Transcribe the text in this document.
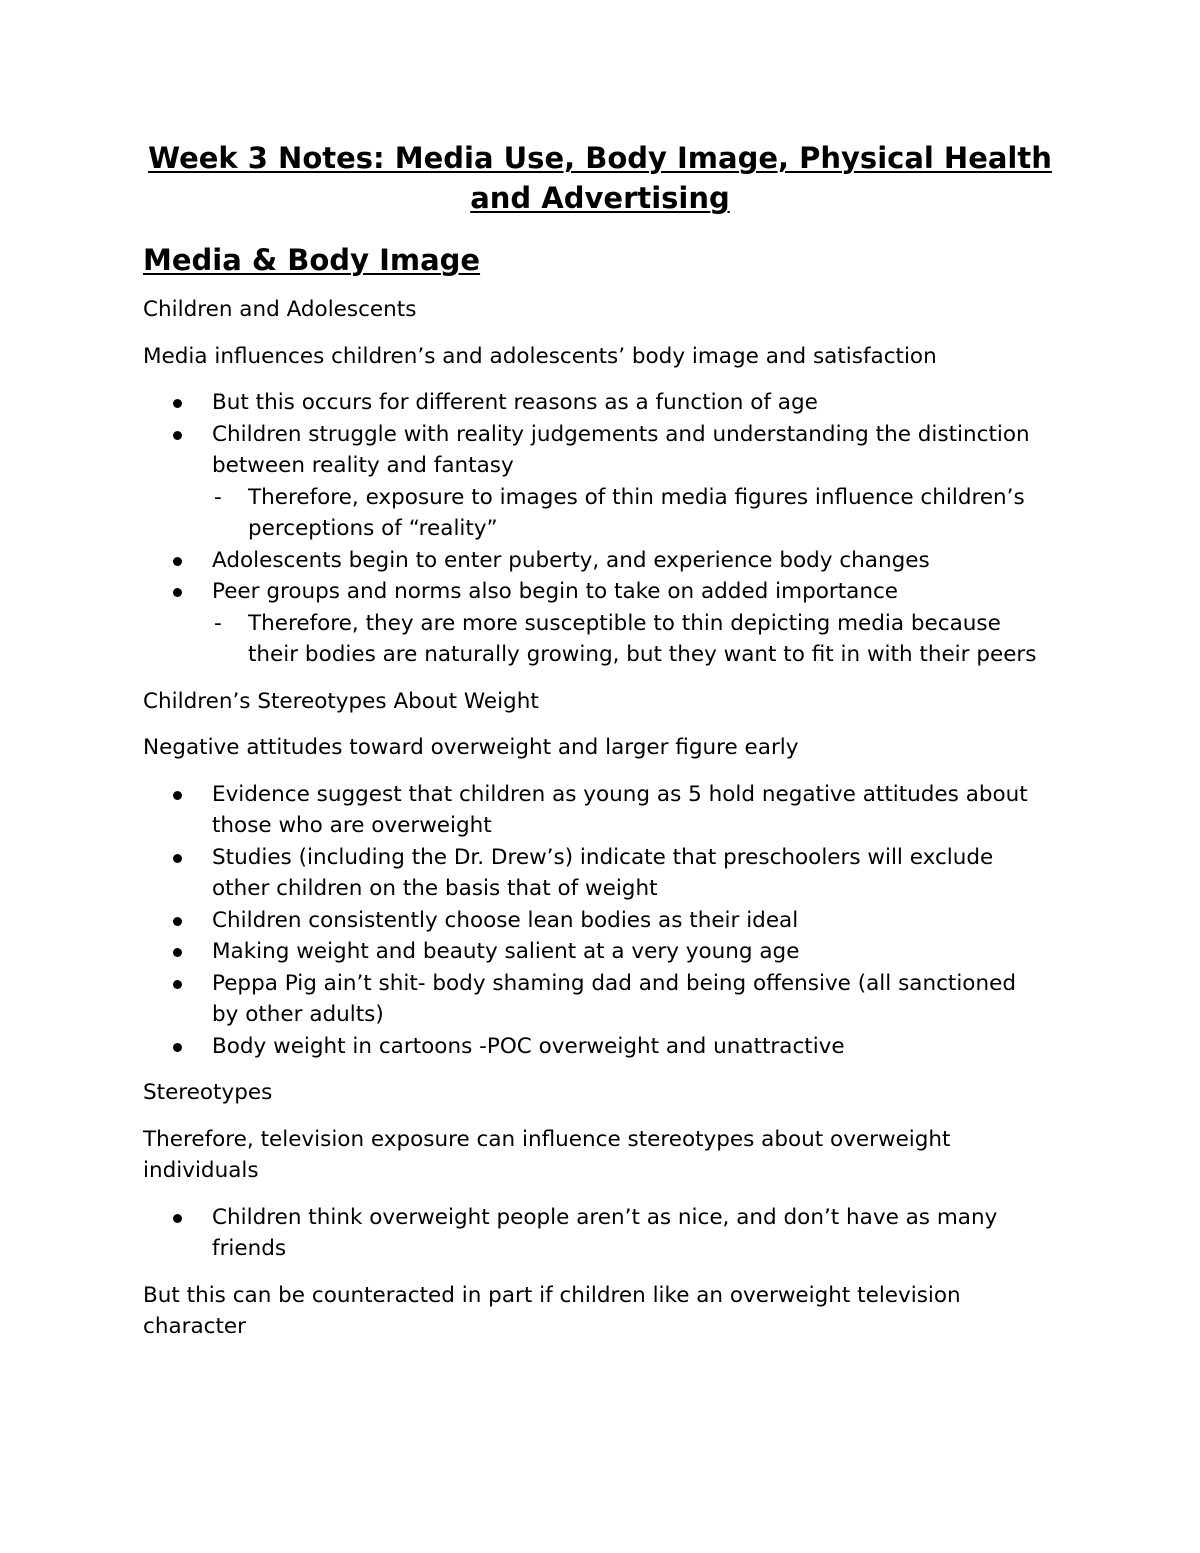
Week 3 Notes: Media Use, Body Image, Physical Health and Advertising
Media & Body Image

Children and Adolescents

Media influences children’s and adolescents’ body image and satisfaction

But this occurs for different reasons as a function of age
Children struggle with reality judgements and understanding the distinction between reality and fantasy
- Therefore, exposure to images of thin media figures influence children’s perceptions of “reality”
Adolescents begin to enter puberty, and experience body changes
Peer groups and norms also begin to take on added importance
- Therefore, they are more susceptible to thin depicting media because their bodies are naturally growing, but they want to fit in with their peers

Children’s Stereotypes About Weight

Negative attitudes toward overweight and larger figure early

Evidence suggest that children as young as 5 hold negative attitudes about those who are overweight
Studies (including the Dr. Drew’s) indicate that preschoolers will exclude other children on the basis that of weight
Children consistently choose lean bodies as their ideal
Making weight and beauty salient at a very young age
Peppa Pig ain’t shit- body shaming dad and being offensive (all sanctioned by other adults)
Body weight in cartoons -POC overweight and unattractive

Stereotypes

Therefore, television exposure can influence stereotypes about overweight individuals

Children think overweight people aren’t as nice, and don’t have as many friends

But this can be counteracted in part if children like an overweight television character
